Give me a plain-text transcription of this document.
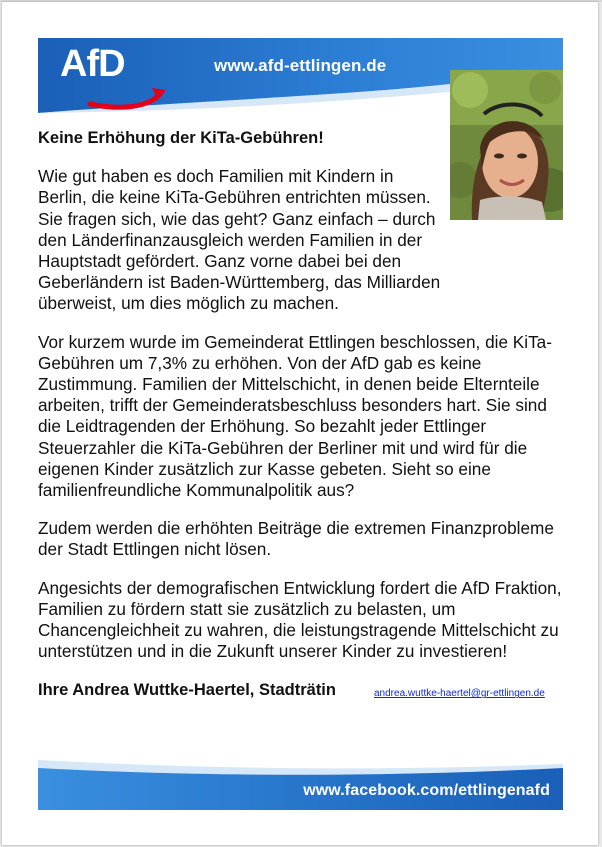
AfD	www.afd-ettlingen.de
Keine Erhöhung der KiTa-Gebühren!

Wie gut haben es doch Familien mit Kindern in Berlin, die keine KiTa-Gebühren entrichten müssen. Sie fragen sich, wie das geht? Ganz einfach – durch den Länderfinanzausgleich werden Familien in der Hauptstadt gefördert. Ganz vorne dabei bei den Geberländern ist Baden-Württemberg, das Milliarden überweist, um dies möglich zu machen.

Vor kurzem wurde im Gemeinderat Ettlingen beschlossen, die KiTa-Gebühren um 7,3% zu erhöhen. Von der AfD gab es keine Zustimmung. Familien der Mittelschicht, in denen beide Elternteile arbeiten, trifft der Gemeinderatsbeschluss besonders hart. Sie sind die Leidtragenden der Erhöhung. So bezahlt jeder Ettlinger Steuerzahler die KiTa-Gebühren der Berliner mit und wird für die eigenen Kinder zusätzlich zur Kasse gebeten. Sieht so eine familienfreundliche Kommunalpolitik aus?

Zudem werden die erhöhten Beiträge die extremen Finanzprobleme der Stadt Ettlingen nicht lösen.

Angesichts der demografischen Entwicklung fordert die AfD Fraktion, Familien zu fördern statt sie zusätzlich zu belasten, um Chancengleichheit zu wahren, die leistungstragende Mittelschicht zu unterstützen und in die Zukunft unserer Kinder zu investieren!

Ihre Andrea Wuttke-Haertel, Stadträtin	andrea.wuttke-haertel@gr-ettlingen.de
www.facebook.com/ettlingenafd
